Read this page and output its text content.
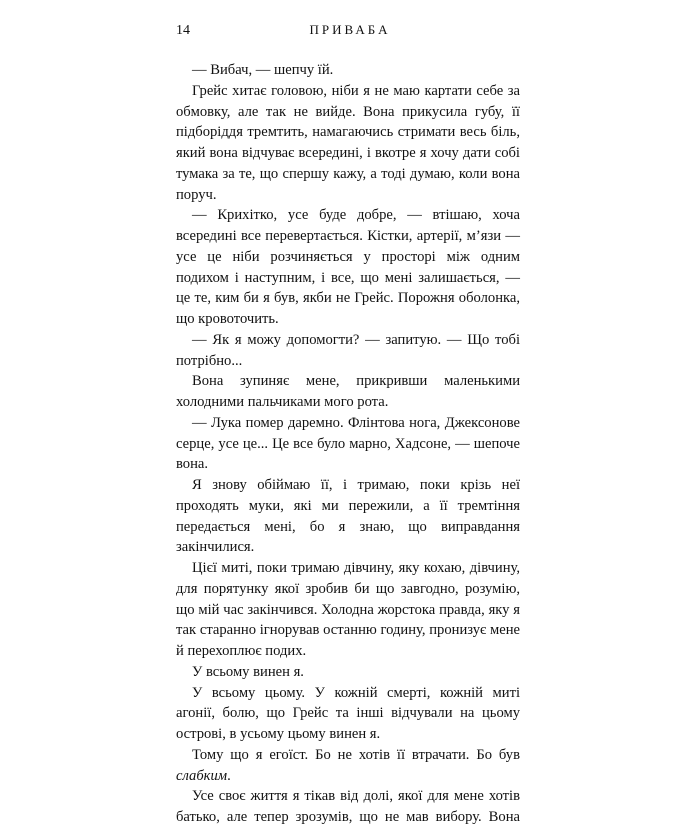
14	ПРИВАБА

— Вибач, — шепчу їй.

Грейс хитає головою, ніби я не маю картати себе за обмовку, але так не вийде. Вона прикусила губу, її підборіддя тремтить, намагаючись стримати весь біль, який вона відчуває всередині, і вкотре я хочу дати собі тумака за те, що спершу кажу, а тоді думаю, коли вона поруч.

— Крихітко, усе буде добре, — втішаю, хоча всередині все перевертається. Кістки, артерії, м’язи — усе це ніби розчиняється у просторі між одним подихом і наступним, і все, що мені залишається, — це те, ким би я був, якби не Грейс. Порожня оболонка, що кровоточить.

— Як я можу допомогти? — запитую. — Що тобі потрібно...

Вона зупиняє мене, прикривши маленькими холодними пальчиками мого рота.

— Лука помер даремно. Флінтова нога, Джексонове серце, усе це... Це все було марно, Хадсоне, — шепоче вона.

Я знову обіймаю її, і тримаю, поки крізь неї проходять муки, які ми пережили, а її тремтіння передається мені, бо я знаю, що виправдання закінчилися.

Цієї миті, поки тримаю дівчину, яку кохаю, дівчину, для порятунку якої зробив би що завгодно, розумію, що мій час закінчився. Холодна жорстока правда, яку я так старанно ігнорував останню годину, пронизує мене й перехоплює подих.

У всьому винен я.

У всьому цьому. У кожній смерті, кожній миті агонії, болю, що Грейс та інші відчували на цьому острові, в усьому цьому винен я.

Тому що я егоїст. Бо не хотів її втрачати. Бо був слабким.

Усе своє життя я тікав від долі, якої для мене хотів батько, але тепер зрозумів, що не мав вибору. Вона
